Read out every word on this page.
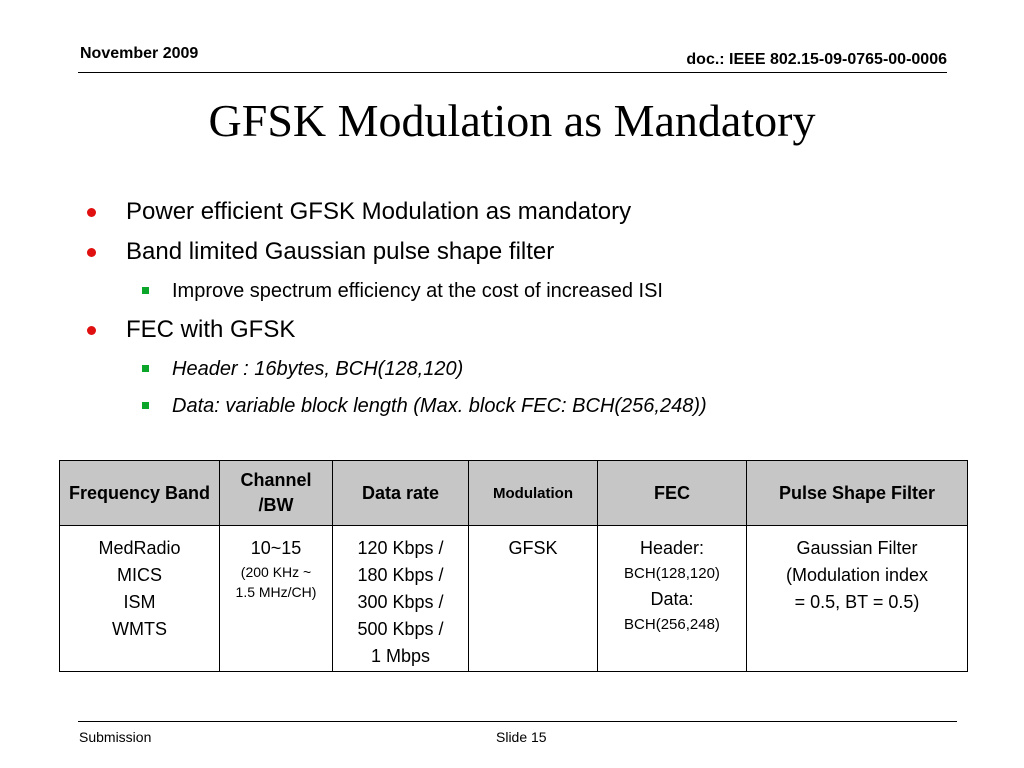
November 2009	doc.: IEEE 802.15-09-0765-00-0006
GFSK Modulation as Mandatory
Power efficient GFSK Modulation as mandatory
Band limited Gaussian pulse shape filter
Improve spectrum efficiency at the cost of increased ISI
FEC with GFSK
Header : 16bytes, BCH(128,120)
Data: variable block length (Max. block FEC: BCH(256,248))
Frequency Band	Channel /BW	Data rate	Modulation	FEC	Pulse Shape Filter

MedRadio
MICS
ISM
WMTS	10~15
(200 KHz ~
1.5 MHz/CH)	120 Kbps /
180 Kbps /
300 Kbps /
500 Kbps /
1 Mbps	GFSK	Header:
BCH(128,120)
Data:
BCH(256,248)	Gaussian Filter
(Modulation index
= 0.5, BT = 0.5)
Submission	Slide 15
